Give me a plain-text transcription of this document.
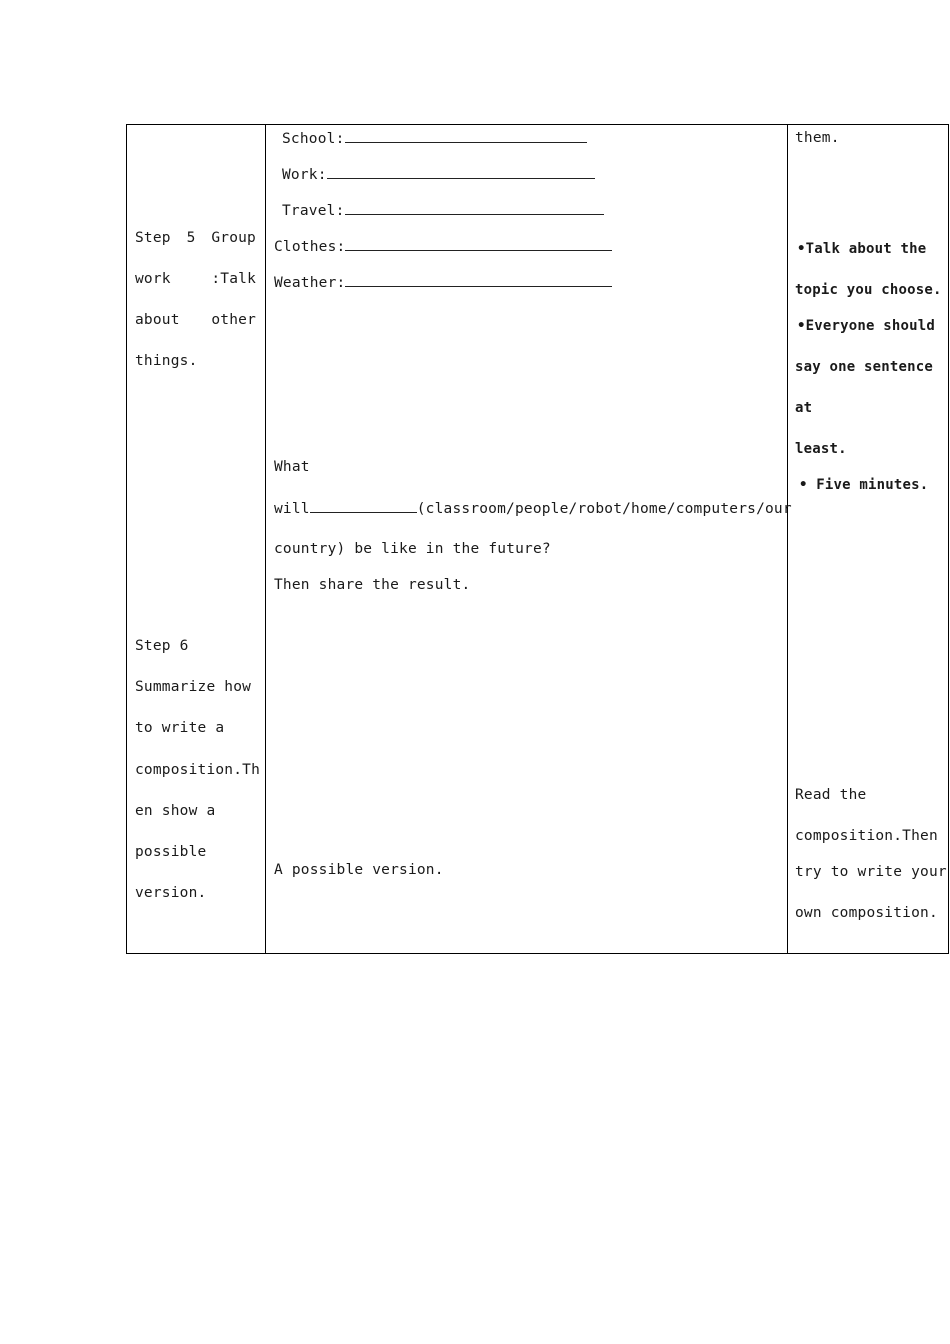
Step 5 Group
work	:Talk
about other
things.
Step 6
Summarize how
to write a
composition.Th
en show a
possible
version.
School:
Work:
Travel:
Clothes:
Weather:
What
will	(classroom/people/robot/home/computers/our
country) be like in the future?
Then share the result.
A possible version.
them.
•Talk about the
topic you choose.
•Everyone should
say one sentence
at
least.
• Five minutes.
Read the
composition.Then
try to write your
own composition.
